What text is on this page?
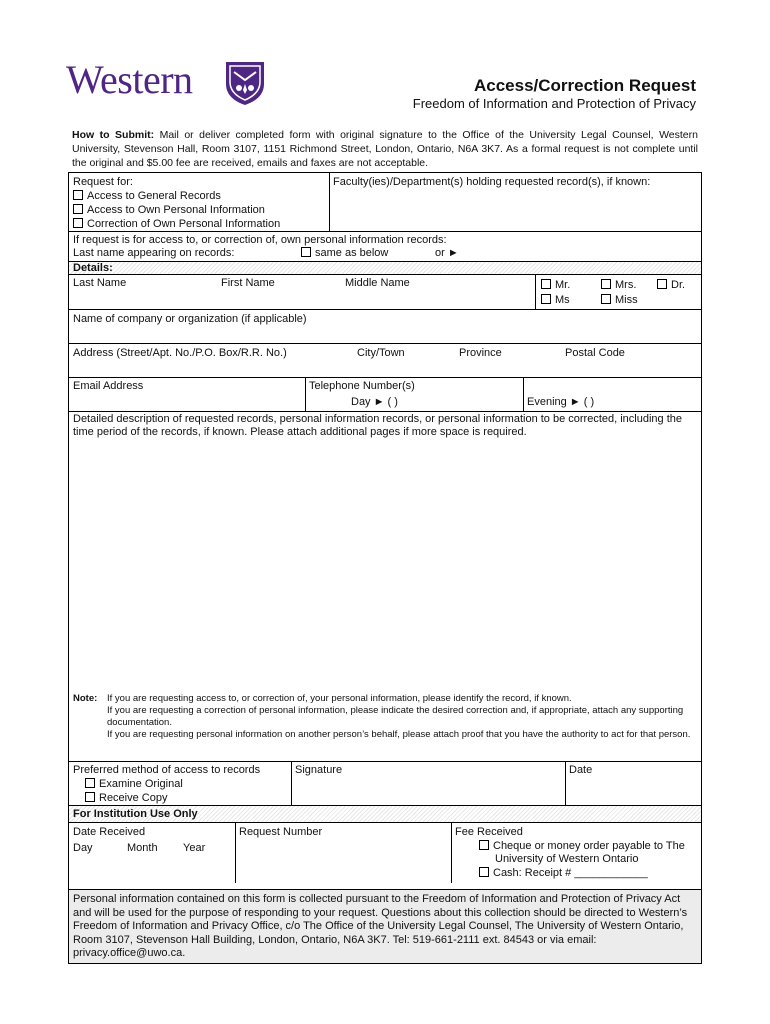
Western	Access/Correction Request
Freedom of Information and Protection of Privacy
How to Submit: Mail or deliver completed form with original signature to the Office of the University Legal Counsel, Western University, Stevenson Hall, Room 3107, 1151 Richmond Street, London, Ontario, N6A 3K7. As a formal request is not complete until the original and $5.00 fee are received, emails and faxes are not acceptable.
Request for:
Access to General Records
Access to Own Personal Information
Correction of Own Personal Information
Faculty(ies)/Department(s) holding requested record(s), if known:
If request is for access to, or correction of, own personal information records:
Last name appearing on records:	same as below	or ►
Details:
Last Name	First Name	Middle Name	Mr.	Mrs.	Dr.
Ms	Miss
Name of company or organization (if applicable)
Address (Street/Apt. No./P.O. Box/R.R. No.)	City/Town	Province	Postal Code
Email Address	Telephone Number(s)
Day ► ( )	Evening ► ( )
Detailed description of requested records, personal information records, or personal information to be corrected, including the time period of the records, if known. Please attach additional pages if more space is required.
Note: If you are requesting access to, or correction of, your personal information, please identify the record, if known.
If you are requesting a correction of personal information, please indicate the desired correction and, if appropriate, attach any supporting documentation.
If you are requesting personal information on another person’s behalf, please attach proof that you have the authority to act for that person.
Preferred method of access to records
Examine Original
Receive Copy
Signature	Date
For Institution Use Only
Date Received
Day	Month Year
Request Number	Fee Received
Cheque or money order payable to The
University of Western Ontario
Cash: Receipt # ____________
Personal information contained on this form is collected pursuant to the Freedom of Information and Protection of Privacy Act and will be used for the purpose of responding to your request. Questions about this collection should be directed to Western’s Freedom of Information and Privacy Office, c/o The Office of the University Legal Counsel, The University of Western Ontario, Room 3107, Stevenson Hall Building, London, Ontario, N6A 3K7. Tel: 519-661-2111 ext. 84543 or via email: privacy.office@uwo.ca.
